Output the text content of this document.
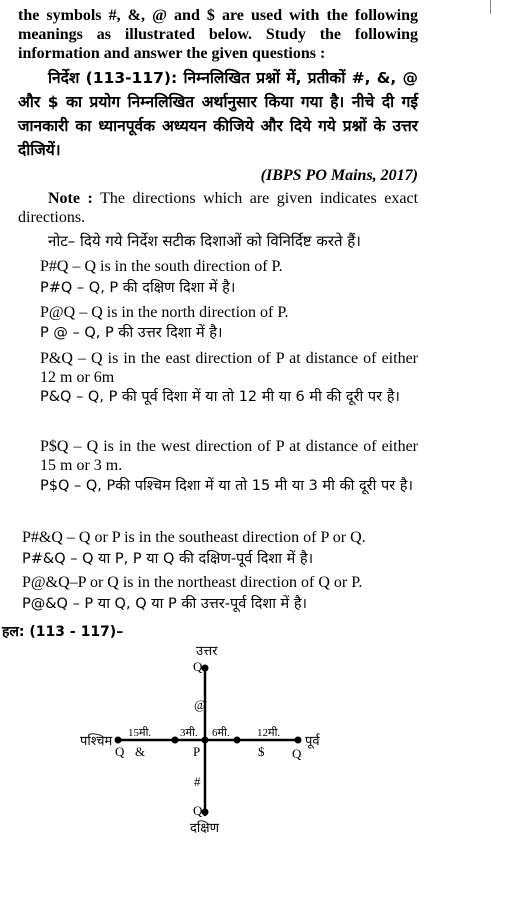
the symbols #, &, @ and $ are used with the following meanings as illustrated below. Study the following information and answer the given questions :
निर्देश (113-117): निम्नलिखित प्रश्नों में, प्रतीकों #, &, @ और $ का प्रयोग निम्नलिखित अर्थानुसार किया गया है। नीचे दी गई जानकारी का ध्यानपूर्वक अध्ययन कीजिये और दिये गये प्रश्नों के उत्तर दीजियें।
(IBPS PO Mains, 2017)
Note : The directions which are given indicates exact directions.
नोट– दिये गये निर्देश सटीक दिशाओं को विनिर्दिष्ट करते हैं।
P#Q – Q is in the south direction of P.
P#Q – Q, P की दक्षिण दिशा में है।
P@Q – Q is in the north direction of P.
P @ – Q, P की उत्तर दिशा में है।
P&Q – Q is in the east direction of P at distance of either 12 m or 6m
P&Q – Q, P की पूर्व दिशा में या तो 12 मी या 6 मी की दूरी पर है।
P$Q – Q is in the west direction of P at distance of either 15 m or 3 m.
P$Q – Q, Pकी पश्चिम दिशा में या तो 15 मी या 3 मी की दूरी पर है।
P#&Q – Q or P is in the southeast direction of P or Q.
P#&Q – Q या P, P या Q की दक्षिण-पूर्व दिशा में है।
P@&Q–P or Q is in the northeast direction of Q or P.
P@&Q – P या Q, Q या P की उत्तर-पूर्व दिशा में है।
हल: (113 - 117)–
उत्तर
Q
@
#
Q
दक्षिण
पश्चिम
Q &	P	$ Q
पूर्व
15मी.	3मी. 6मी. 12मी.
